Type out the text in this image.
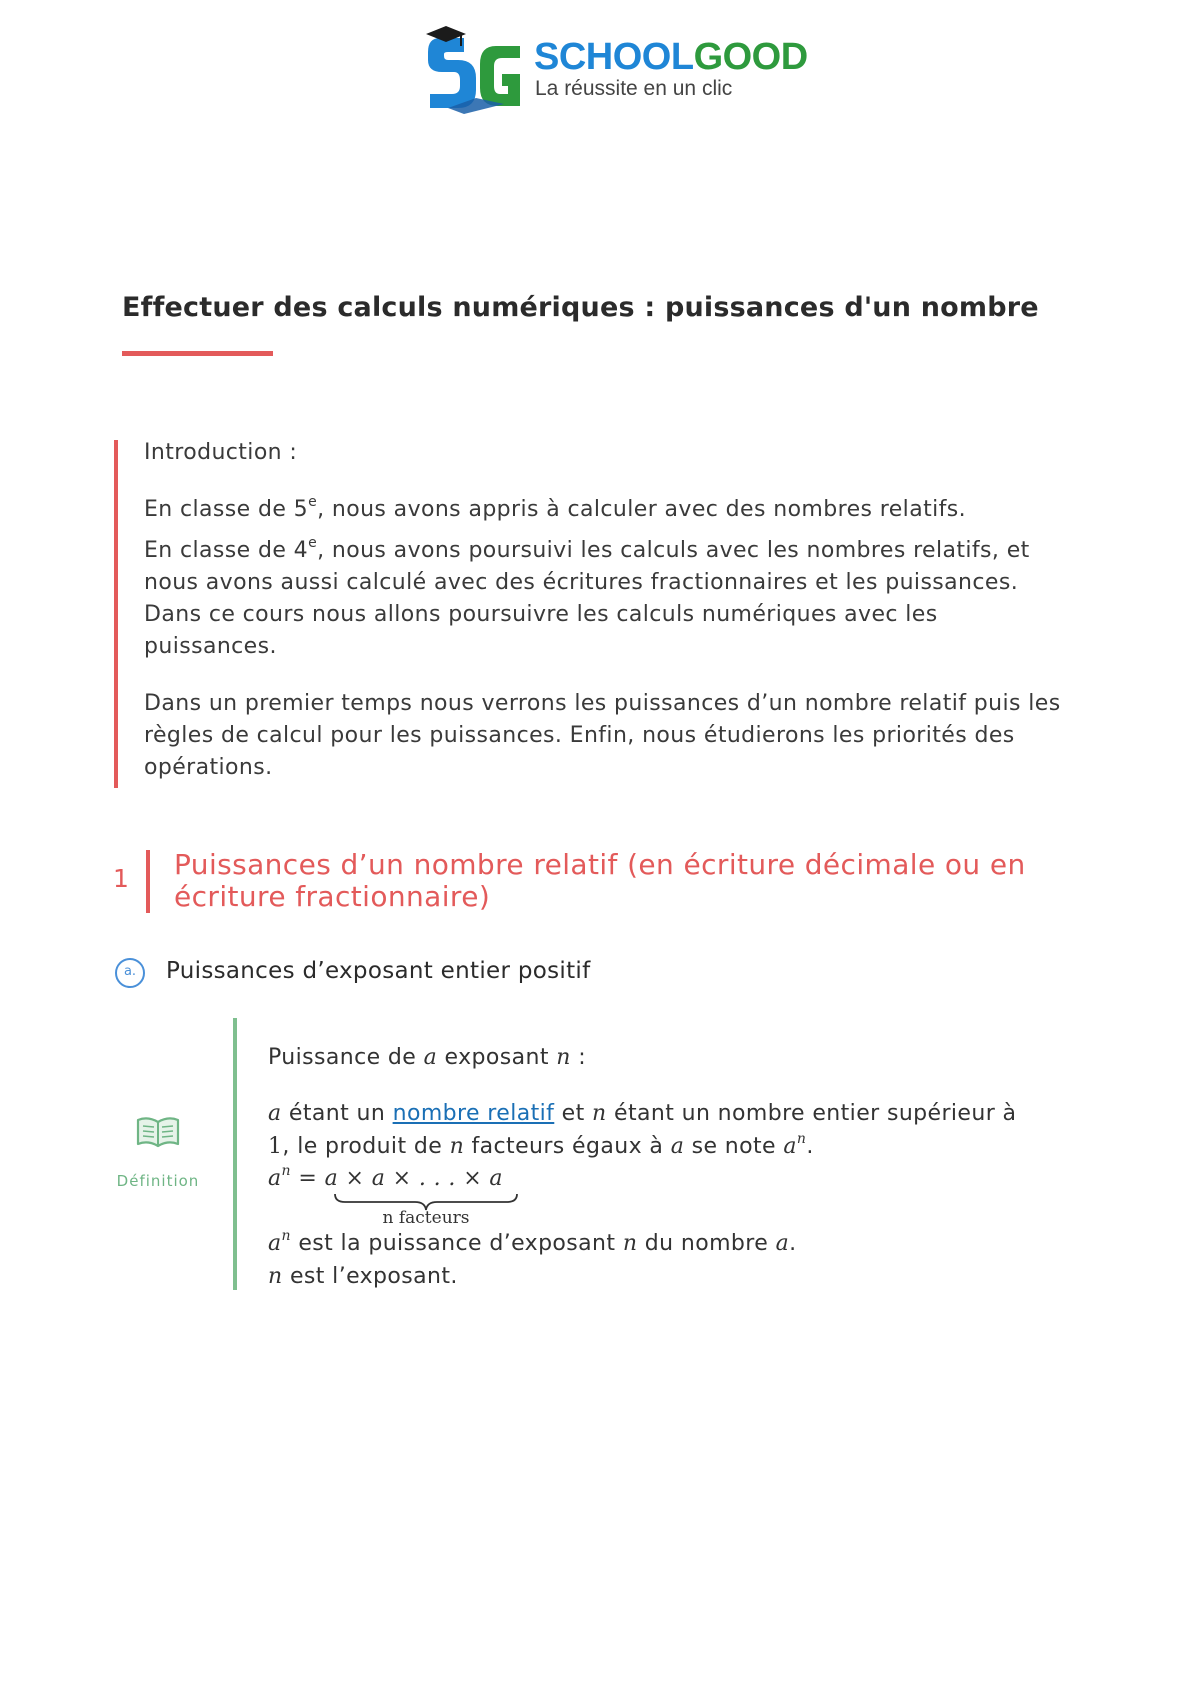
SCHOOLGOOD
La réussite en un clic
Effectuer des calculs numériques : puissances d'un nombre
Introduction :
En classe de 5e, nous avons appris à calculer avec des nombres relatifs.
En classe de 4e, nous avons poursuivi les calculs avec les nombres relatifs, et nous avons aussi calculé avec des écritures fractionnaires et les puissances. Dans ce cours nous allons poursuivre les calculs numériques avec les puissances.
Dans un premier temps nous verrons les puissances d’un nombre relatif puis les règles de calcul pour les puissances. Enfin, nous étudierons les priorités des opérations.
1 Puissances d’un nombre relatif (en écriture décimale ou en écriture fractionnaire)
a.	Puissances d’exposant entier positif
Définition
Puissance de a exposant n :
a étant un nombre relatif et n étant un nombre entier supérieur à
1, le produit de n facteurs égaux à a se note $a^n$.
$a^n = a \times a$ × . . . × a
n facteurs
$a^n$ est la puissance d’exposant n du nombre a.
n est l’exposant.
